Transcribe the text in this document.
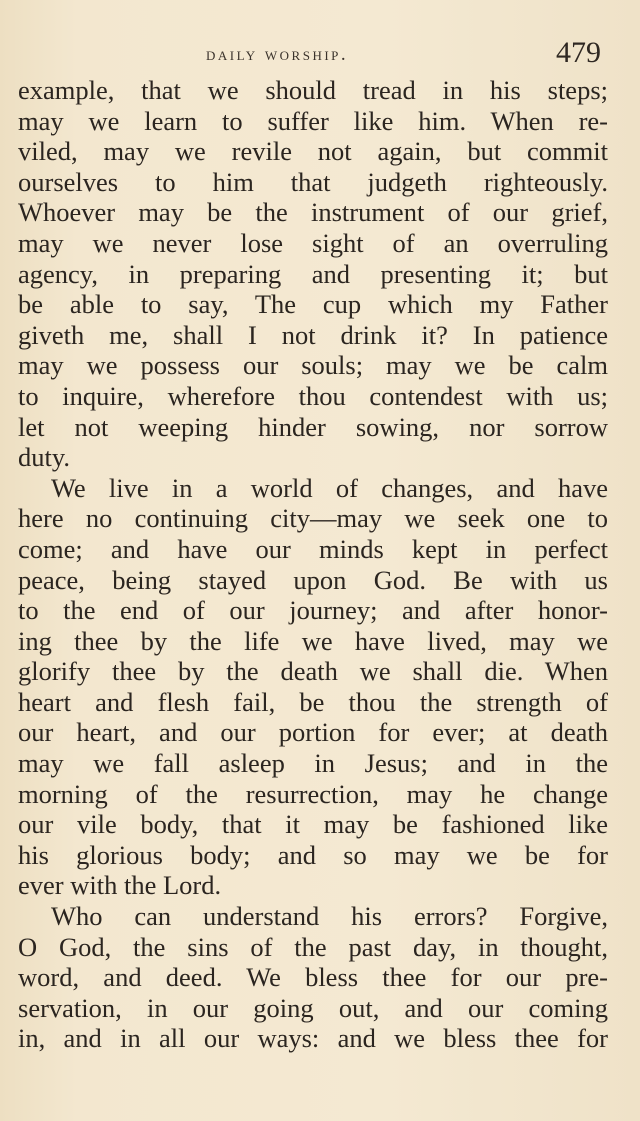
daily worship.	479
example, that we should tread in his steps;
may we learn to suffer like him. When re-
viled, may we revile not again, but commit
ourselves to him that judgeth righteously.
Whoever may be the instrument of our grief,
may we never lose sight of an overruling
agency, in preparing and presenting it; but
be able to say, The cup which my Father
giveth me, shall I not drink it? In patience
may we possess our souls; may we be calm
to inquire, wherefore thou contendest with us;
let not weeping hinder sowing, nor sorrow
duty.
We live in a world of changes, and have
here no continuing city—may we seek one to
come; and have our minds kept in perfect
peace, being stayed upon God. Be with us
to the end of our journey; and after honor-
ing thee by the life we have lived, may we
glorify thee by the death we shall die. When
heart and flesh fail, be thou the strength of
our heart, and our portion for ever; at death
may we fall asleep in Jesus; and in the
morning of the resurrection, may he change
our vile body, that it may be fashioned like
his glorious body; and so may we be for
ever with the Lord.
Who can understand his errors? Forgive,
O God, the sins of the past day, in thought,
word, and deed. We bless thee for our pre-
servation, in our going out, and our coming
in, and in all our ways: and we bless thee for
